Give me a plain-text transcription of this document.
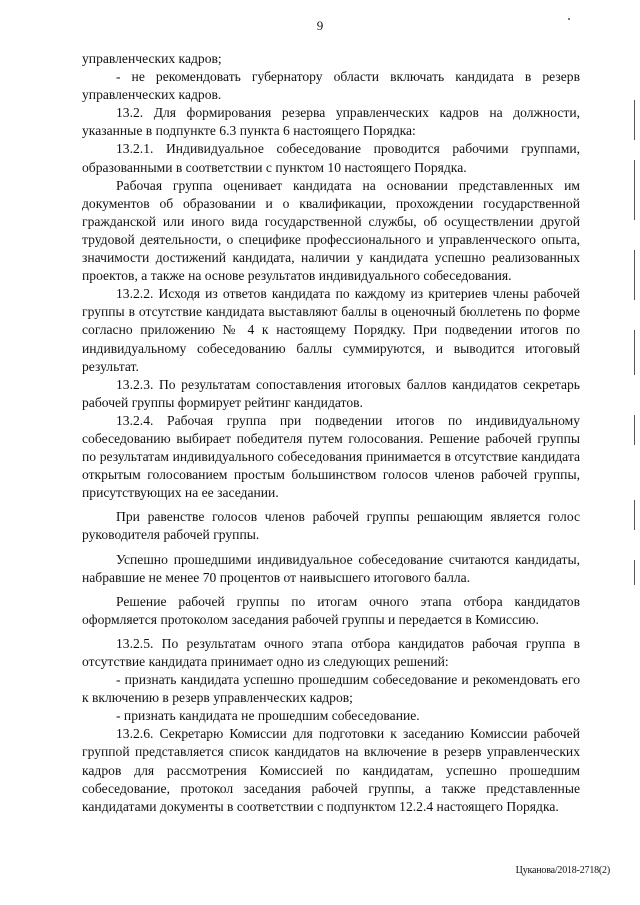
9

управленческих кадров;

- не рекомендовать губернатору области включать кандидата в резерв управленческих кадров.

13.2. Для формирования резерва управленческих кадров на должности, указанные в подпункте 6.3 пункта 6 настоящего Порядка:

13.2.1. Индивидуальное собеседование проводится рабочими группами, образованными в соответствии с пунктом 10 настоящего Порядка.

Рабочая группа оценивает кандидата на основании представленных им документов об образовании и о квалификации, прохождении государственной гражданской или иного вида государственной службы, об осуществлении другой трудовой деятельности, о специфике профессионального и управленческого опыта, значимости достижений кандидата, наличии у кандидата успешно реализованных проектов, а также на основе результатов индивидуального собеседования.

13.2.2. Исходя из ответов кандидата по каждому из критериев члены рабочей группы в отсутствие кандидата выставляют баллы в оценочный бюллетень по форме согласно приложению № 4 к настоящему Порядку. При подведении итогов по индивидуальному собеседованию баллы суммируются, и выводится итоговый результат.

13.2.3. По результатам сопоставления итоговых баллов кандидатов секретарь рабочей группы формирует рейтинг кандидатов.

13.2.4. Рабочая группа при подведении итогов по индивидуальному собеседованию выбирает победителя путем голосования. Решение рабочей группы по результатам индивидуального собеседования принимается в отсутствие кандидата открытым голосованием простым большинством голосов членов рабочей группы, присутствующих на ее заседании.

При равенстве голосов членов рабочей группы решающим является голос руководителя рабочей группы.

Успешно прошедшими индивидуальное собеседование считаются кандидаты, набравшие не менее 70 процентов от наивысшего итогового балла.

Решение рабочей группы по итогам очного этапа отбора кандидатов оформляется протоколом заседания рабочей группы и передается в Комиссию.

13.2.5. По результатам очного этапа отбора кандидатов рабочая группа в отсутствие кандидата принимает одно из следующих решений:

- признать кандидата успешно прошедшим собеседование и рекомендовать его к включению в резерв управленческих кадров;

- признать кандидата не прошедшим собеседование.

13.2.6. Секретарю Комиссии для подготовки к заседанию Комиссии рабочей группой представляется список кандидатов на включение в резерв управленческих кадров для рассмотрения Комиссией по кандидатам, успешно прошедшим собеседование, протокол заседания рабочей группы, а также представленные кандидатами документы в соответствии с подпунктом 12.2.4 настоящего Порядка.

Цуканова/2018-2718(2)
